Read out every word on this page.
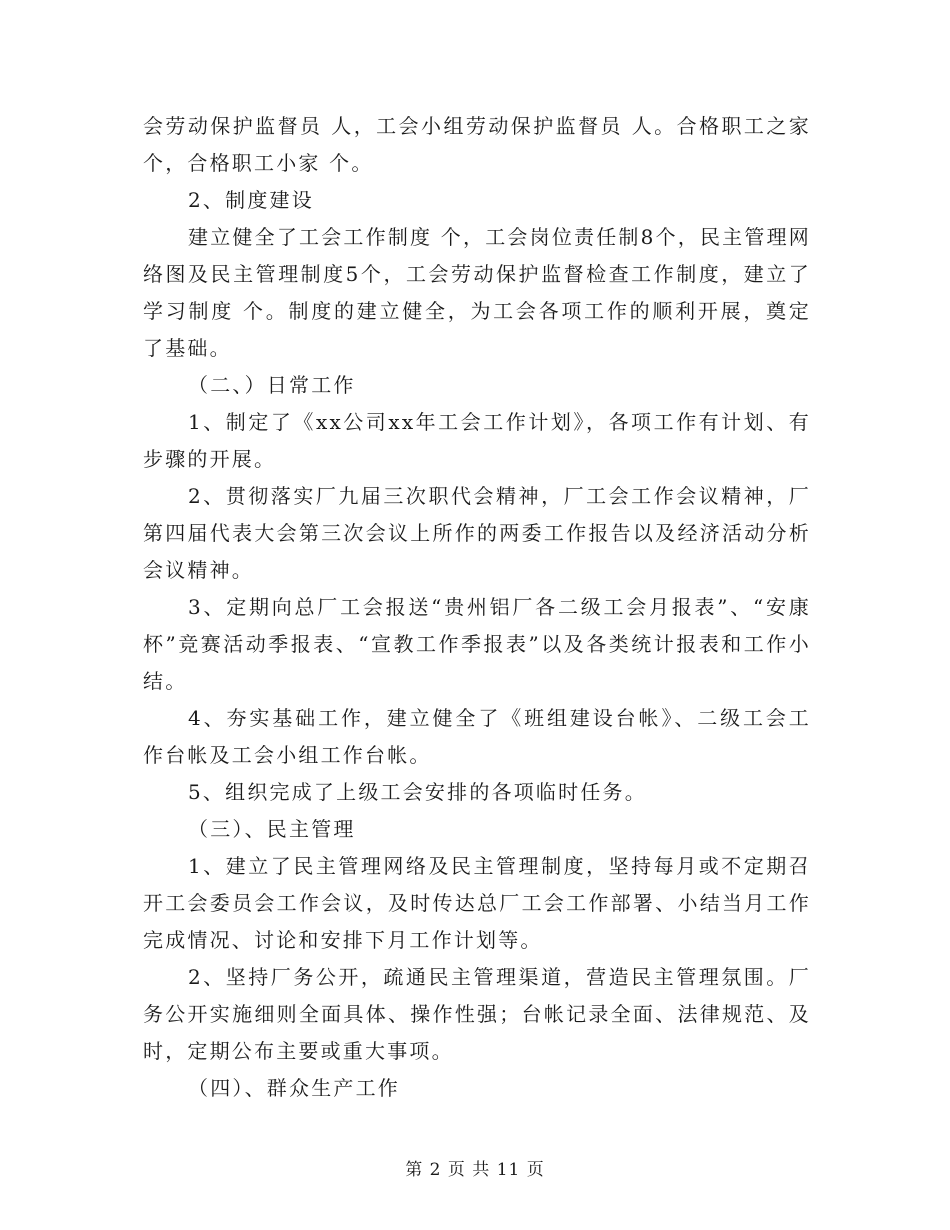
会劳动保护监督员 人，工会小组劳动保护监督员 人。合格职工之家 个，合格职工小家 个。

2、制度建设

建立健全了工会工作制度 个，工会岗位责任制8个，民主管理网络图及民主管理制度5个，工会劳动保护监督检查工作制度，建立了学习制度 个。制度的建立健全，为工会各项工作的顺利开展，奠定了基础。

（二、）日常工作

1、制定了《xx公司xx年工会工作计划》，各项工作有计划、有步骤的开展。

2、贯彻落实厂九届三次职代会精神，厂工会工作会议精神，厂第四届代表大会第三次会议上所作的两委工作报告以及经济活动分析会议精神。

3、定期向总厂工会报送“贵州铝厂各二级工会月报表”、“安康杯”竞赛活动季报表、“宣教工作季报表”以及各类统计报表和工作小结。

4、夯实基础工作，建立健全了《班组建设台帐》、二级工会工作台帐及工会小组工作台帐。

5、组织完成了上级工会安排的各项临时任务。

（三）、民主管理

1、建立了民主管理网络及民主管理制度，坚持每月或不定期召开工会委员会工作会议，及时传达总厂工会工作部署、小结当月工作完成情况、讨论和安排下月工作计划等。

2、坚持厂务公开，疏通民主管理渠道，营造民主管理氛围。厂务公开实施细则全面具体、操作性强；台帐记录全面、法律规范、及时，定期公布主要或重大事项。

（四）、群众生产工作

第 2 页 共 11 页
